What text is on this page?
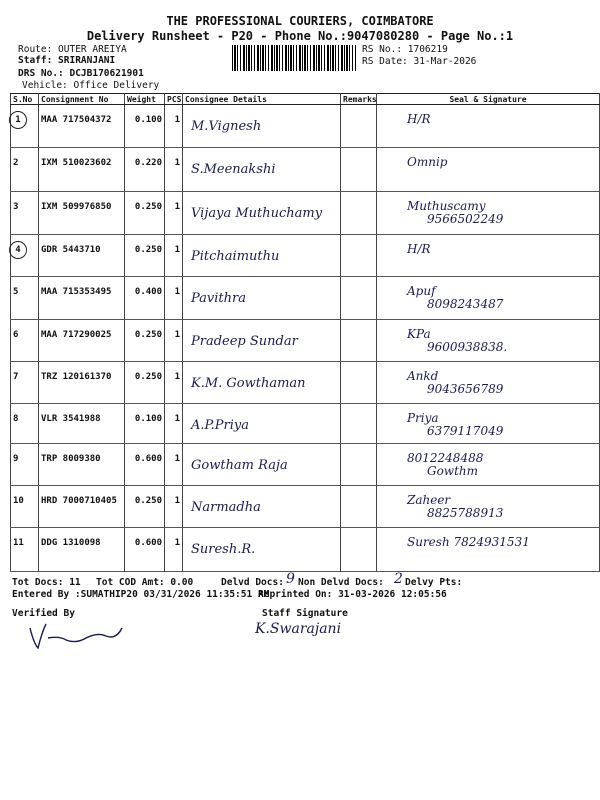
THE PROFESSIONAL COURIERS, COIMBATORE
Delivery Runsheet - P20 - Phone No.:9047080280 - Page No.:1
Route: OUTER AREIYA
Staff: SRIRANJANI
DRS No.: DCJB170621901
Vehicle: Office Delivery
RS No.: 1706219
RS Date: 31-Mar-2026
S.No	Consignment No	Weight	PCS	Consignee Details	Remarks	Seal & Signature
1	MAA 717504372	0.100	1	M.Vignesh		H/R

2	IXM 510023602	0.220	1	S.Meenakshi		Omnip

3	IXM 509976850	0.250	1	Vijaya Muthuchamy		Muthuscamy
9566502249

4	GDR 5443710	0.250	1	Pitchaimuthu		H/R

5	MAA 715353495	0.400	1	Pavithra		Apuf
8098243487

6	MAA 717290025	0.250	1	Pradeep Sundar		KPa
9600938838.

7	TRZ 120161370	0.250	1	K.M. Gowthaman		Ankd
9043656789

8	VLR 3541988	0.100	1	A.P.Priya		Priya
6379117049

9	TRP 8009380	0.600	1	Gowtham Raja		8012248488
Gowthm

10	HRD 7000710405	0.250	1	Narmadha		Zaheer
8825788913

11	DDG 1310098	0.600	1	Suresh.R.		Suresh 7824931531
Tot Docs: 11 Tot COD Amt: 0.00	Delvd Docs: 9 Non Delvd Docs: 2 Delvy Pts:
Entered By :SUMATHIP20 03/31/2026 11:35:51 AM
Reprinted On: 31-03-2026 12:05:56
Verified By	Staff Signature
K.Swarajani
